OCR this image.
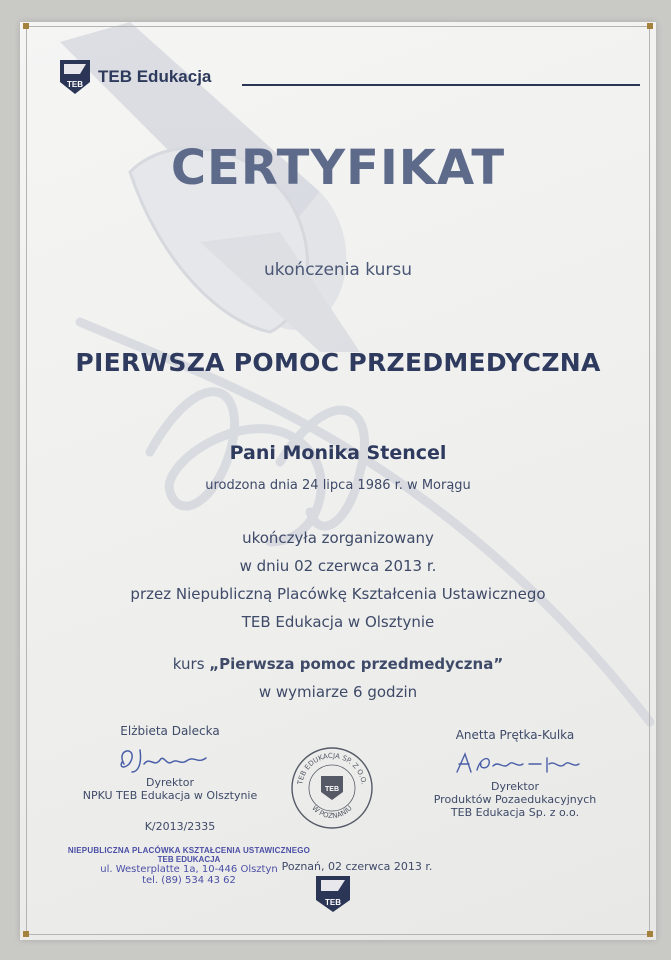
TEB TEB Edukacja
CERTYFIKAT
ukończenia kursu
PIERWSZA POMOC PRZEDMEDYCZNA
Pani Monika Stencel
urodzona dnia 24 lipca 1986 r. w Morągu
ukończyła zorganizowany
w dniu 02 czerwca 2013 r.
przez Niepubliczną Placówkę Kształcenia Ustawicznego
TEB Edukacja w Olsztynie
kurs „Pierwsza pomoc przedmedyczna”
w wymiarze 6 godzin
Elżbieta Dalecka
Dyrektor
NPKU TEB Edukacja w Olsztynie
Anetta Prętka-Kulka
Dyrektor
Produktów Pozaedukacyjnych
TEB Edukacja Sp. z o.o.
TEB EDUKACJA SP. Z O.O.
W POZNANIU
TEB
K/2013/2335
NIEPUBLICZNA PLACÓWKA KSZTAŁCENIA USTAWICZNEGO
TEB EDUKACJA
ul. Westerplatte 1a, 10-446 Olsztyn
tel. (89) 534 43 62
Poznań, 02 czerwca 2013 r.
TEB
